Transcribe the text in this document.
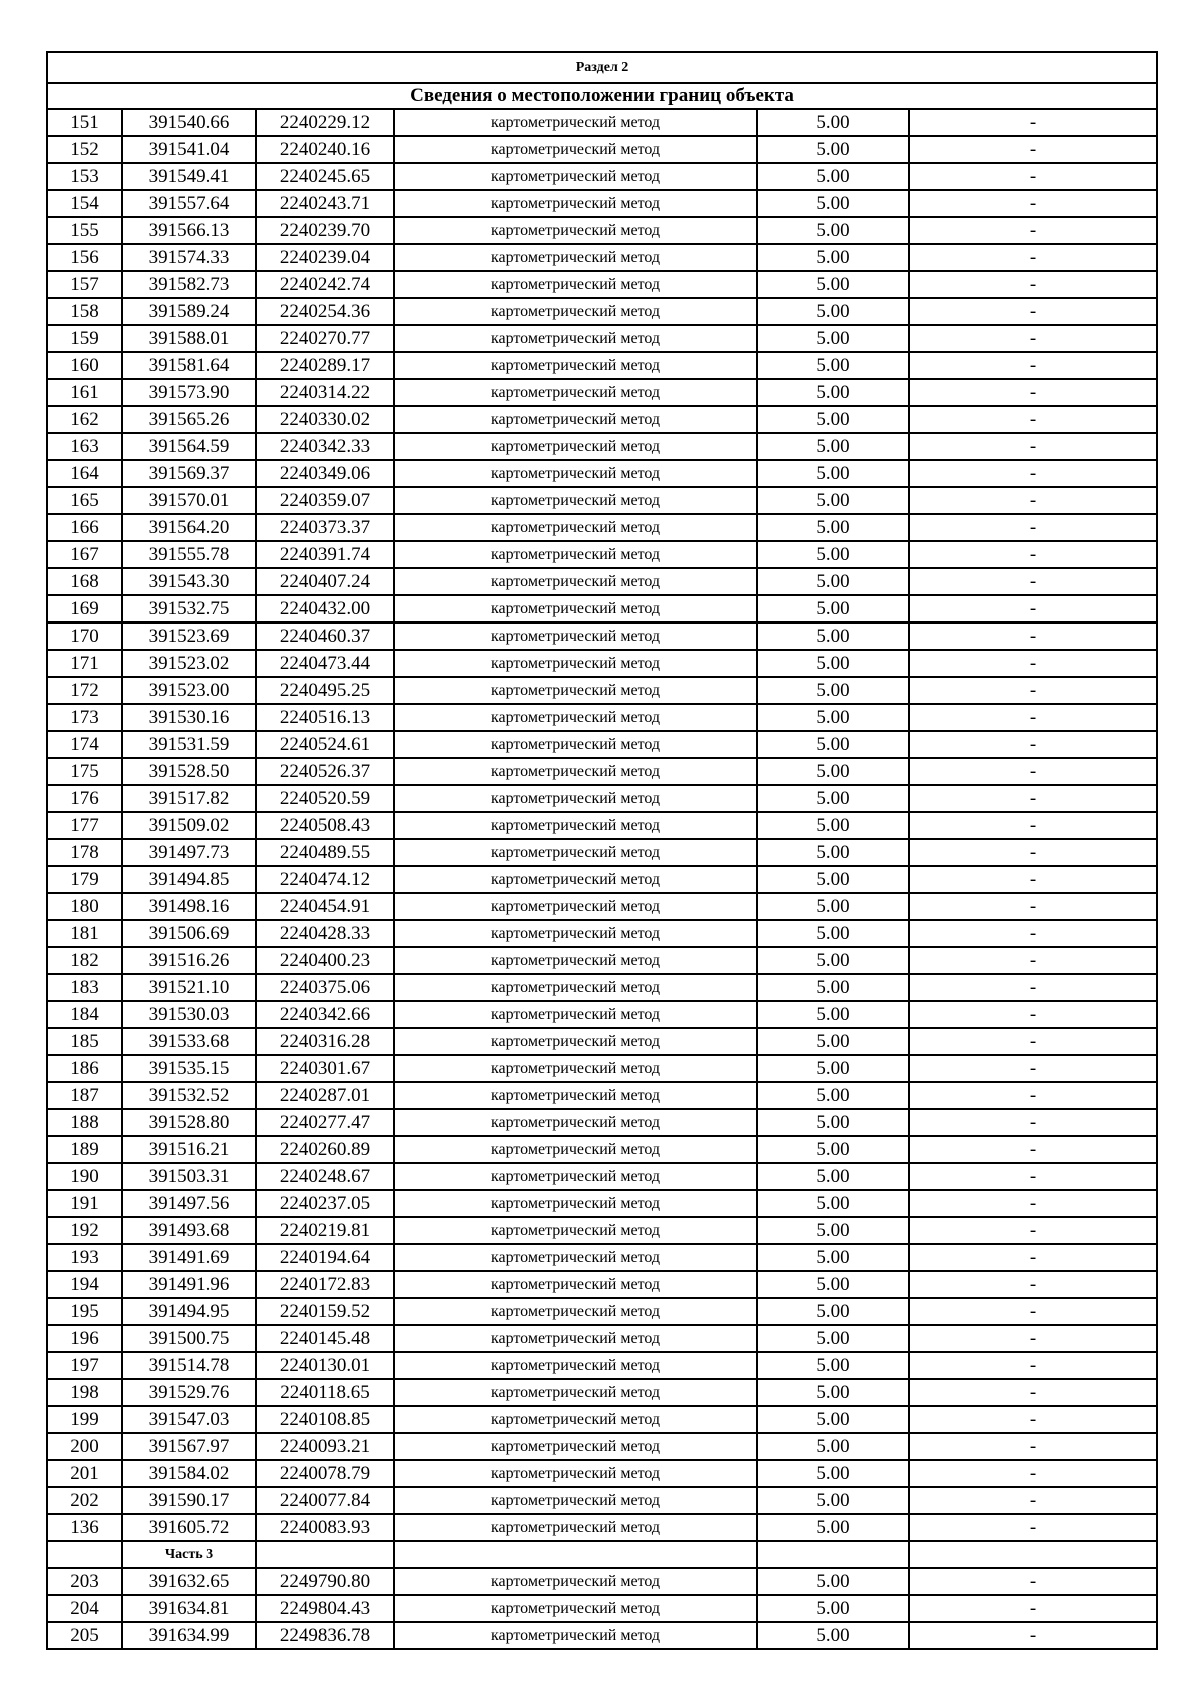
Раздел 2					
Сведения о местоположении границ объекта					
151	391540.66	2240229.12	картометрический метод	5.00	-
152	391541.04	2240240.16	картометрический метод	5.00	-
153	391549.41	2240245.65	картометрический метод	5.00	-
154	391557.64	2240243.71	картометрический метод	5.00	-
155	391566.13	2240239.70	картометрический метод	5.00	-
156	391574.33	2240239.04	картометрический метод	5.00	-
157	391582.73	2240242.74	картометрический метод	5.00	-
158	391589.24	2240254.36	картометрический метод	5.00	-
159	391588.01	2240270.77	картометрический метод	5.00	-
160	391581.64	2240289.17	картометрический метод	5.00	-
161	391573.90	2240314.22	картометрический метод	5.00	-
162	391565.26	2240330.02	картометрический метод	5.00	-
163	391564.59	2240342.33	картометрический метод	5.00	-
164	391569.37	2240349.06	картометрический метод	5.00	-
165	391570.01	2240359.07	картометрический метод	5.00	-
166	391564.20	2240373.37	картометрический метод	5.00	-
167	391555.78	2240391.74	картометрический метод	5.00	-
168	391543.30	2240407.24	картометрический метод	5.00	-
169	391532.75	2240432.00	картометрический метод	5.00	-
170	391523.69	2240460.37	картометрический метод	5.00	-
171	391523.02	2240473.44	картометрический метод	5.00	-
172	391523.00	2240495.25	картометрический метод	5.00	-
173	391530.16	2240516.13	картометрический метод	5.00	-
174	391531.59	2240524.61	картометрический метод	5.00	-
175	391528.50	2240526.37	картометрический метод	5.00	-
176	391517.82	2240520.59	картометрический метод	5.00	-
177	391509.02	2240508.43	картометрический метод	5.00	-
178	391497.73	2240489.55	картометрический метод	5.00	-
179	391494.85	2240474.12	картометрический метод	5.00	-
180	391498.16	2240454.91	картометрический метод	5.00	-
181	391506.69	2240428.33	картометрический метод	5.00	-
182	391516.26	2240400.23	картометрический метод	5.00	-
183	391521.10	2240375.06	картометрический метод	5.00	-
184	391530.03	2240342.66	картометрический метод	5.00	-
185	391533.68	2240316.28	картометрический метод	5.00	-
186	391535.15	2240301.67	картометрический метод	5.00	-
187	391532.52	2240287.01	картометрический метод	5.00	-
188	391528.80	2240277.47	картометрический метод	5.00	-
189	391516.21	2240260.89	картометрический метод	5.00	-
190	391503.31	2240248.67	картометрический метод	5.00	-
191	391497.56	2240237.05	картометрический метод	5.00	-
192	391493.68	2240219.81	картометрический метод	5.00	-
193	391491.69	2240194.64	картометрический метод	5.00	-
194	391491.96	2240172.83	картометрический метод	5.00	-
195	391494.95	2240159.52	картометрический метод	5.00	-
196	391500.75	2240145.48	картометрический метод	5.00	-
197	391514.78	2240130.01	картометрический метод	5.00	-
198	391529.76	2240118.65	картометрический метод	5.00	-
199	391547.03	2240108.85	картометрический метод	5.00	-
200	391567.97	2240093.21	картометрический метод	5.00	-
201	391584.02	2240078.79	картометрический метод	5.00	-
202	391590.17	2240077.84	картометрический метод	5.00	-
136	391605.72	2240083.93	картометрический метод	5.00	-
	Часть 3				
203	391632.65	2249790.80	картометрический метод	5.00	-
204	391634.81	2249804.43	картометрический метод	5.00	-
205	391634.99	2249836.78	картометрический метод	5.00	-
